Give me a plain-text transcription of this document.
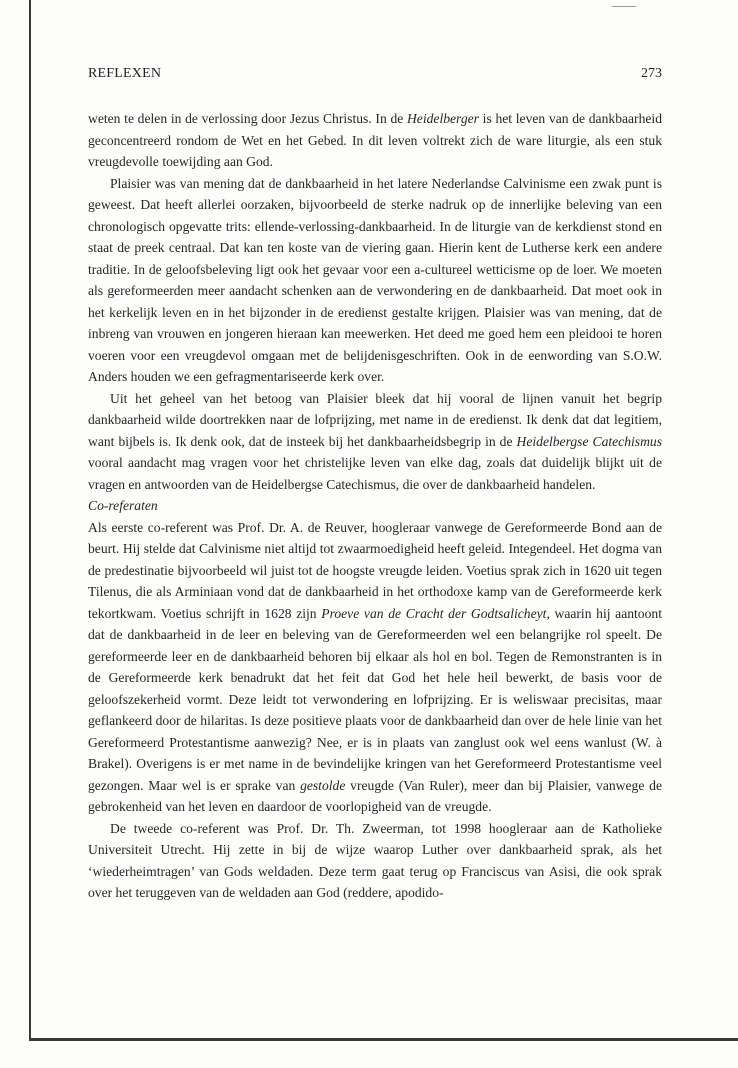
REFLEXEN	273

weten te delen in de verlossing door Jezus Christus. In de Heidelberger is het leven van de dankbaarheid geconcentreerd rondom de Wet en het Gebed. In dit leven voltrekt zich de ware liturgie, als een stuk vreugdevolle toewijding aan God.

Plaisier was van mening dat de dankbaarheid in het latere Nederlandse Calvinisme een zwak punt is geweest. Dat heeft allerlei oorzaken, bijvoorbeeld de sterke nadruk op de innerlijke beleving van een chronologisch opgevatte trits: ellende-verlossing-dankbaarheid. In de liturgie van de kerkdienst stond en staat de preek centraal. Dat kan ten koste van de viering gaan. Hierin kent de Lutherse kerk een andere traditie. In de geloofsbeleving ligt ook het gevaar voor een a-cultureel wetticisme op de loer. We moeten als gereformeerden meer aandacht schenken aan de verwondering en de dankbaarheid. Dat moet ook in het kerkelijk leven en in het bijzonder in de eredienst gestalte krijgen. Plaisier was van mening, dat de inbreng van vrouwen en jongeren hieraan kan meewerken. Het deed me goed hem een pleidooi te horen voeren voor een vreugdevol omgaan met de belijdenisgeschriften. Ook in de eenwording van S.O.W. Anders houden we een gefragmentariseerde kerk over.

Uit het geheel van het betoog van Plaisier bleek dat hij vooral de lijnen vanuit het begrip dankbaarheid wilde doortrekken naar de lofprijzing, met name in de eredienst. Ik denk dat dat legitiem, want bijbels is. Ik denk ook, dat de insteek bij het dankbaarheidsbegrip in de Heidelbergse Catechismus vooral aandacht mag vragen voor het christelijke leven van elke dag, zoals dat duidelijk blijkt uit de vragen en antwoorden van de Heidelbergse Catechismus, die over de dankbaarheid handelen.

Co-referaten

Als eerste co-referent was Prof. Dr. A. de Reuver, hoogleraar vanwege de Gereformeerde Bond aan de beurt. Hij stelde dat Calvinisme niet altijd tot zwaarmoedigheid heeft geleid. Integendeel. Het dogma van de predestinatie bijvoorbeeld wil juist tot de hoogste vreugde leiden. Voetius sprak zich in 1620 uit tegen Tilenus, die als Arminiaan vond dat de dankbaarheid in het orthodoxe kamp van de Gereformeerde kerk tekortkwam. Voetius schrijft in 1628 zijn Proeve van de Cracht der Godtsalicheyt, waarin hij aantoont dat de dankbaarheid in de leer en beleving van de Gereformeerden wel een belangrijke rol speelt. De gereformeerde leer en de dankbaarheid behoren bij elkaar als hol en bol. Tegen de Remonstranten is in de Gereformeerde kerk benadrukt dat het feit dat God het hele heil bewerkt, de basis voor de geloofszekerheid vormt. Deze leidt tot verwondering en lofprijzing. Er is weliswaar precisitas, maar geflankeerd door de hilaritas. Is deze positieve plaats voor de dankbaarheid dan over de hele linie van het Gereformeerd Protestantisme aanwezig? Nee, er is in plaats van zanglust ook wel eens wanlust (W. à Brakel). Overigens is er met name in de bevindelijke kringen van het Gereformeerd Protestantisme veel gezongen. Maar wel is er sprake van gestolde vreugde (Van Ruler), meer dan bij Plaisier, vanwege de gebrokenheid van het leven en daardoor de voorlopigheid van de vreugde.

De tweede co-referent was Prof. Dr. Th. Zweerman, tot 1998 hoogleraar aan de Katholieke Universiteit Utrecht. Hij zette in bij de wijze waarop Luther over dankbaarheid sprak, als het ‘wiederheimtragen’ van Gods weldaden. Deze term gaat terug op Franciscus van Asisi, die ook sprak over het teruggeven van de weldaden aan God (reddere, apodido-
